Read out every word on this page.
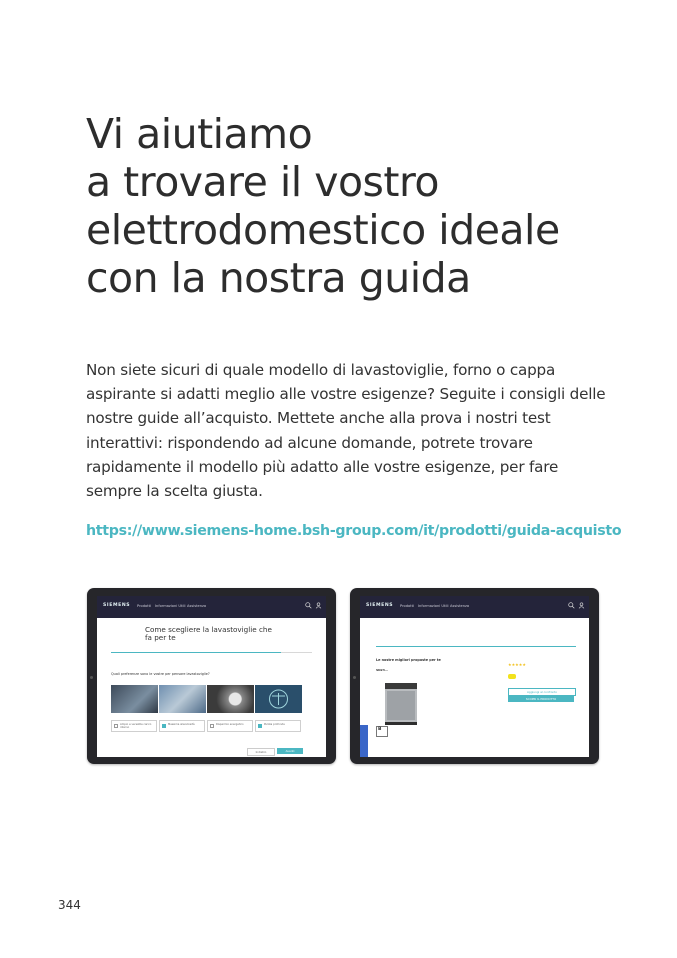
Vi aiutiamo
a trovare il vostro
elettrodomestico ideale
con la nostra guida

Non siete sicuri di quale modello di lavastoviglie, forno o cappa aspirante si adatti meglio alle vostre esigenze? Seguite i consigli delle nostre guide all’acquisto. Mettete anche alla prova i nostri test interattivi: rispondendo ad alcune domande, potrete trovare rapidamente il modello più adatto alle vostre esigenze, per fare sempre la scelta giusta.

https://www.siemens-home.bsh-group.com/it/prodotti/guida-acquisto
SIEMENS Prodotti Informazioni Utili Assistenza
Come scegliere la lavastoviglie che
fa per te
Quali preferenze sono le vostre per pensare lavastoviglie?
Ampio e versatile carico interno
Massima silenziosità	Risparmio energetico	Pulizia profonda
Indietro	Avanti
SIEMENS Prodotti Informazioni Utili Assistenza
Le nostre migliori proposte per te
SN23...
B
★★★★★
Aggiungi al confronto
SCOPRI IL PRODOTTO
344
